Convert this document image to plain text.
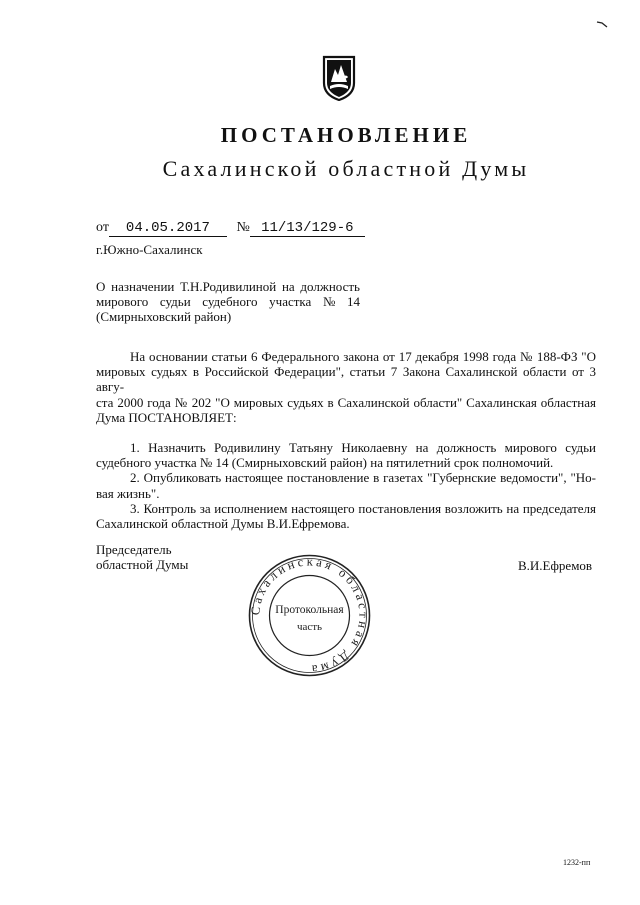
ПОСТАНОВЛЕНИЕ
Сахалинской областной Думы
от 04.05.2017 № 11/13/129-6
г.Южно-Сахалинск
О назначении Т.Н.Родивилиной на должность
мирового судьи судебного участка № 14
(Смирныховский район)

На основании статьи 6 Федерального закона от 17 декабря 1998 года № 188-ФЗ "О

мировых судьях в Российской Федерации", статьи 7 Закона Сахалинской области от 3 авгу-

ста 2000 года № 202 "О мировых судьях в Сахалинской области" Сахалинская областная

Дума ПОСТАНОВЛЯЕТ:

1. Назначить Родивилину Татьяну Николаевну на должность мирового судьи

судебного участка № 14 (Смирныховский район) на пятилетний срок полномочий.

2. Опубликовать настоящее постановление в газетах "Губернские ведомости", "Но-

вая жизнь".

3. Контроль за исполнением настоящего постановления возложить на председателя

Сахалинской областной Думы В.И.Ефремова.

Председатель
областной Думы	В.И.Ефремов
Сахалинская областная Дума
Протокольная
часть
1232-пп
